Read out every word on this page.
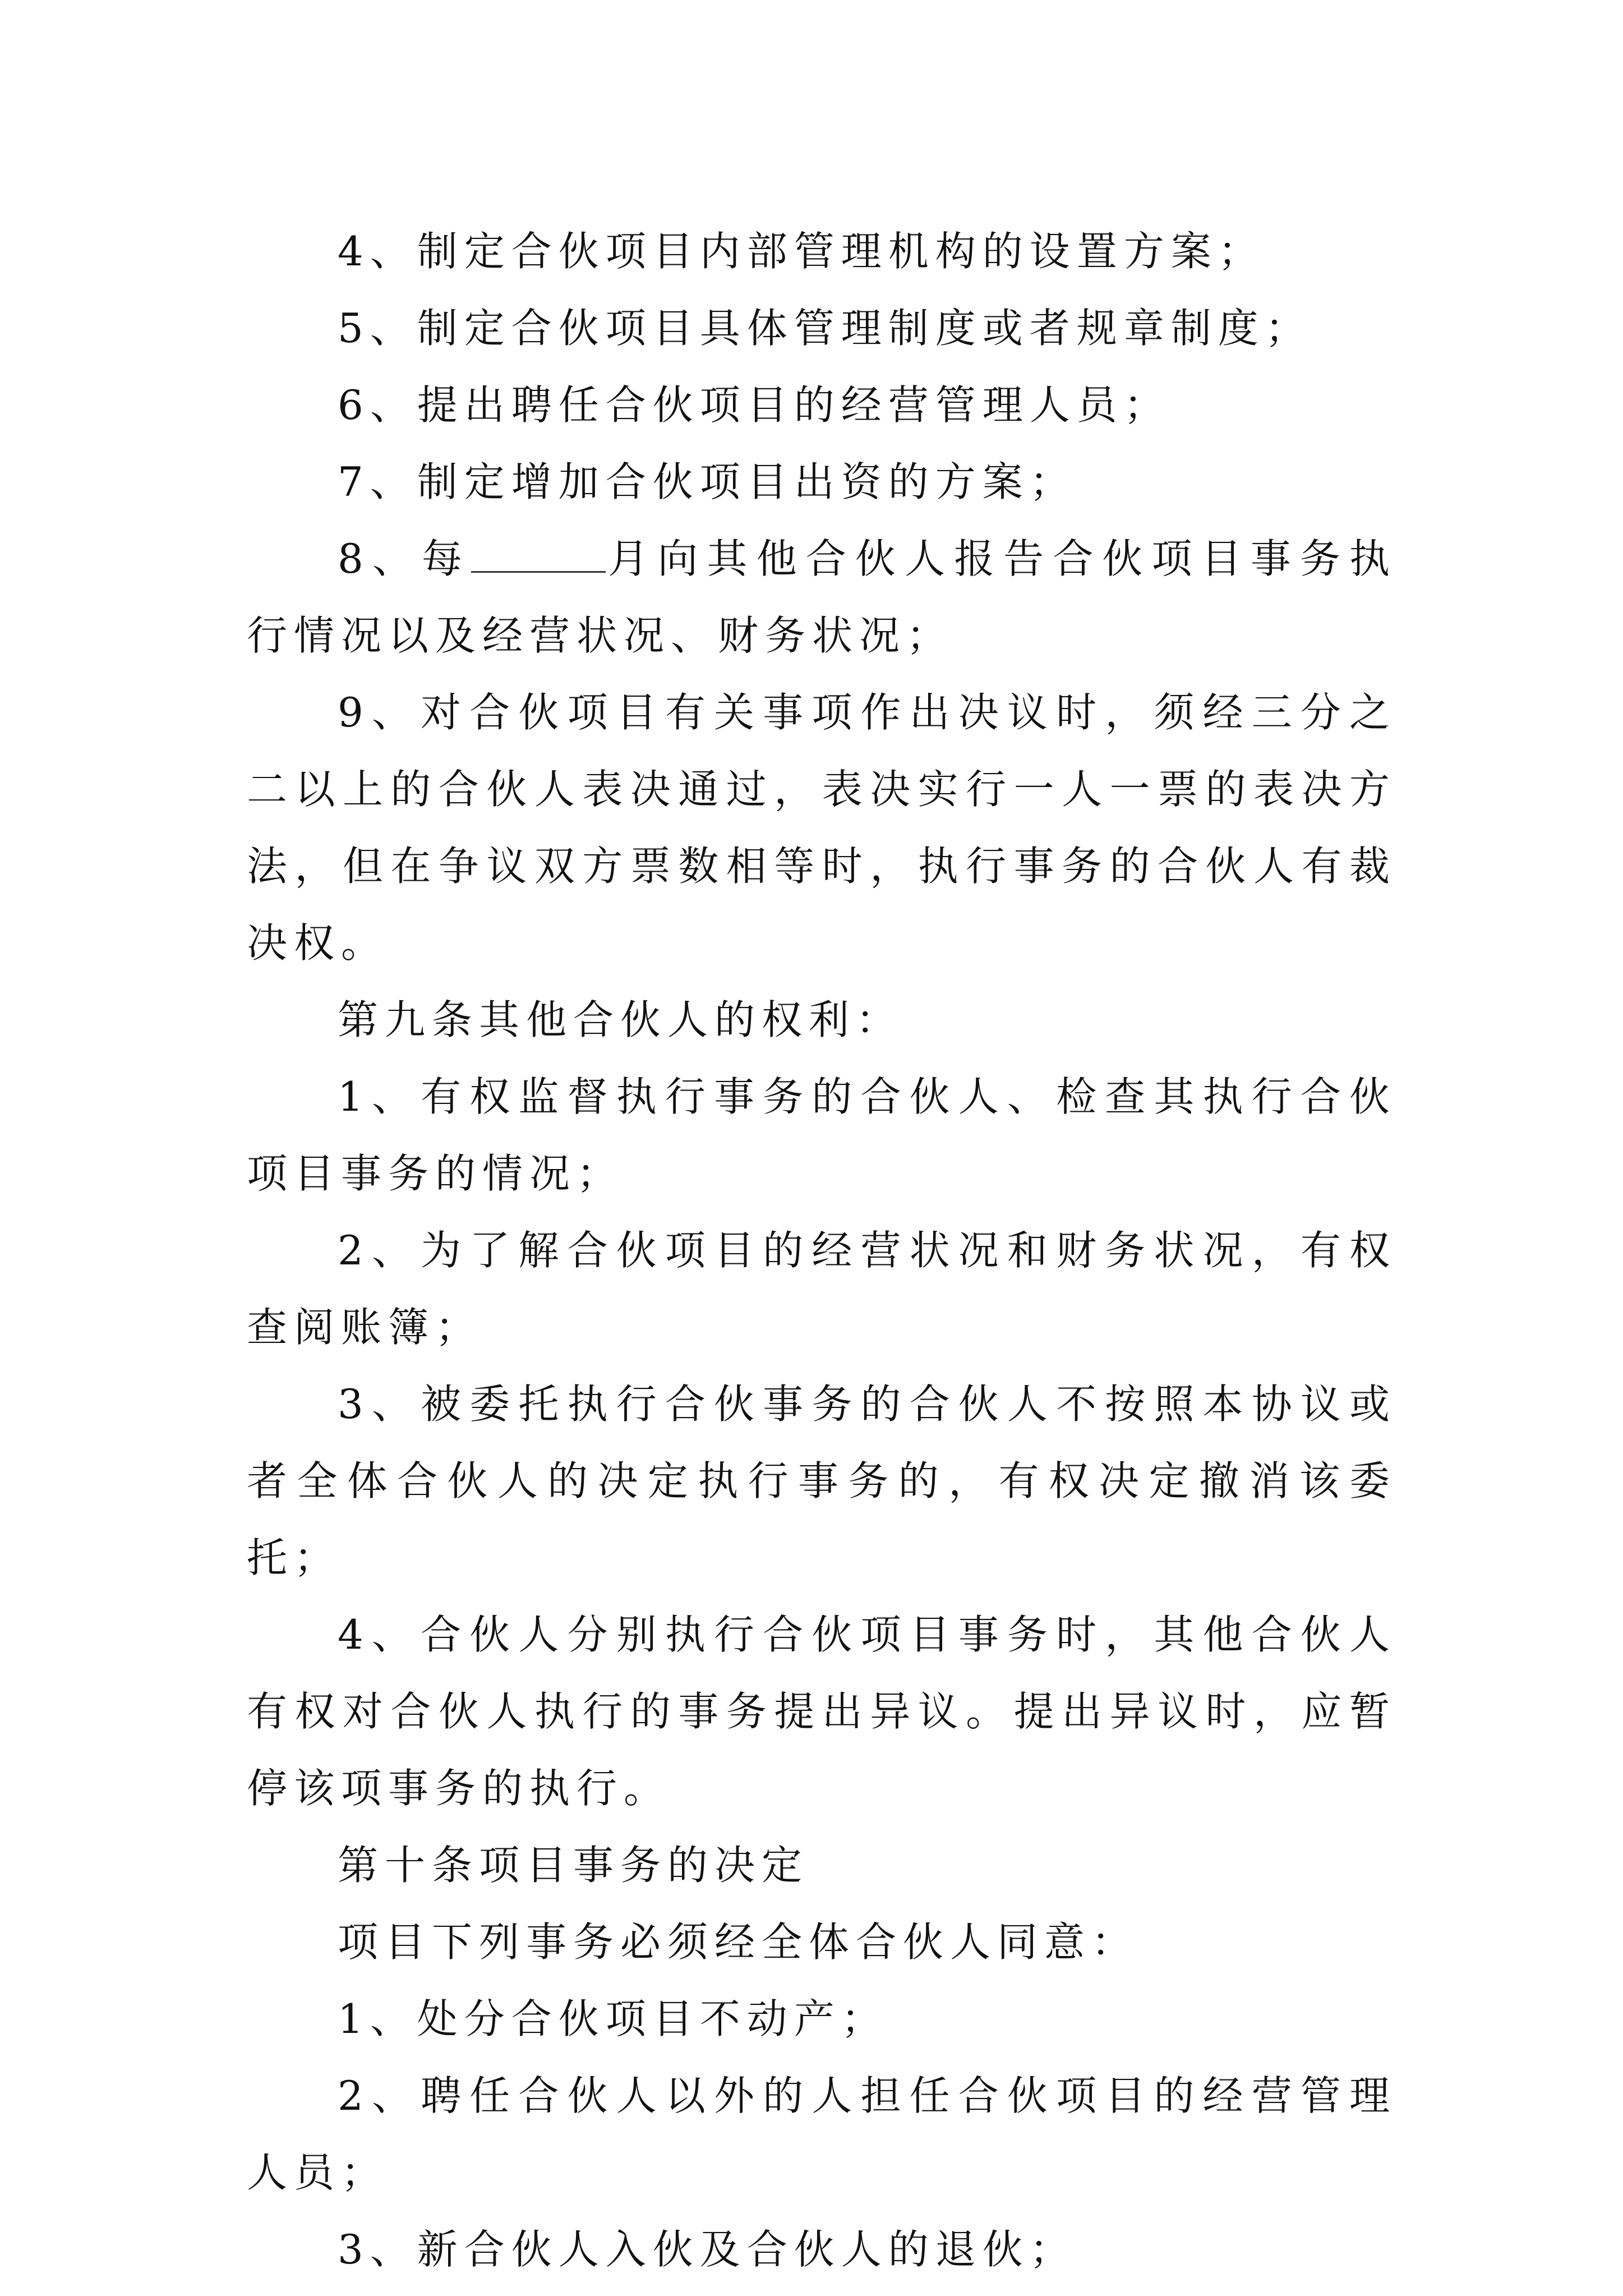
4、制定合伙项目内部管理机构的设置方案；

5、制定合伙项目具体管理制度或者规章制度；

6、提出聘任合伙项目的经营管理人员；

7、制定增加合伙项目出资的方案；

8、每	月向其他合伙人报告合伙项目事务执行情况以及经营状况、财务状况；

9、对合伙项目有关事项作出决议时，须经三分之二以上的合伙人表决通过，表决实行一人一票的表决方法，但在争议双方票数相等时，执行事务的合伙人有裁决权。

第九条其他合伙人的权利：

1、有权监督执行事务的合伙人、检查其执行合伙项目事务的情况；

2、为了解合伙项目的经营状况和财务状况，有权查阅账簿；

3、被委托执行合伙事务的合伙人不按照本协议或者全体合伙人的决定执行事务的，有权决定撤消该委托；

4、合伙人分别执行合伙项目事务时，其他合伙人有权对合伙人执行的事务提出异议。提出异议时，应暂停该项事务的执行。

第十条项目事务的决定

项目下列事务必须经全体合伙人同意：

1、处分合伙项目不动产；

2、聘任合伙人以外的人担任合伙项目的经营管理人员；

3、新合伙人入伙及合伙人的退伙；
